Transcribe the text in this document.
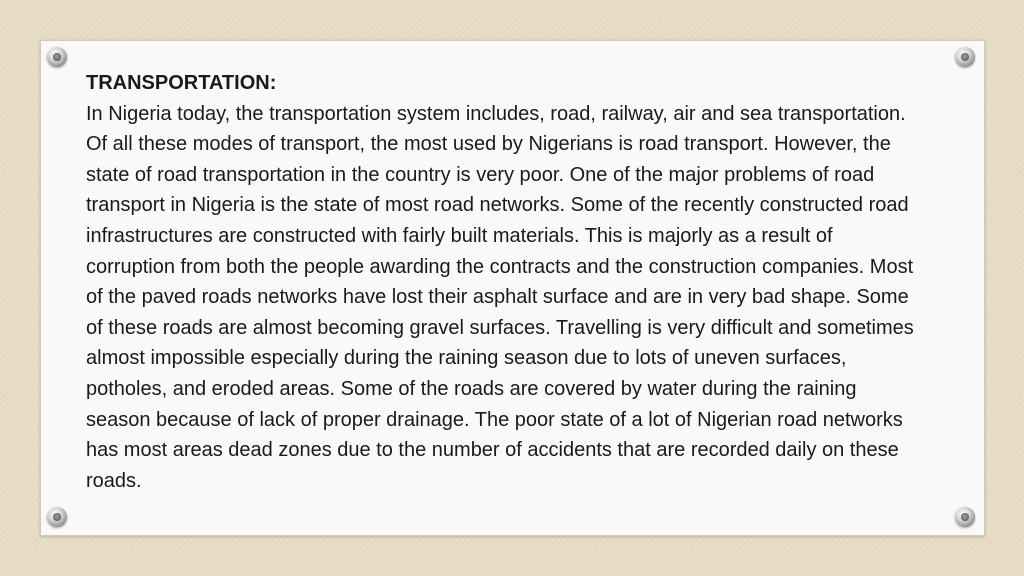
TRANSPORTATION:

In Nigeria today, the transportation system includes, road, railway, air and sea transportation. Of all these modes of transport, the most used by Nigerians is road transport. However, the state of road transportation in the country is very poor. One of the major problems of road transport in Nigeria is the state of most road networks. Some of the recently constructed road infrastructures are constructed with fairly built materials. This is majorly as a result of corruption from both the people awarding the contracts and the construction companies. Most of the paved roads networks have lost their asphalt surface and are in very bad shape. Some of these roads are almost becoming gravel surfaces. Travelling is very difficult and sometimes almost impossible especially during the raining season due to lots of uneven surfaces, potholes, and eroded areas. Some of the roads are covered by water during the raining season because of lack of proper drainage. The poor state of a lot of Nigerian road networks has most areas dead zones due to the number of accidents that are recorded daily on these roads.
